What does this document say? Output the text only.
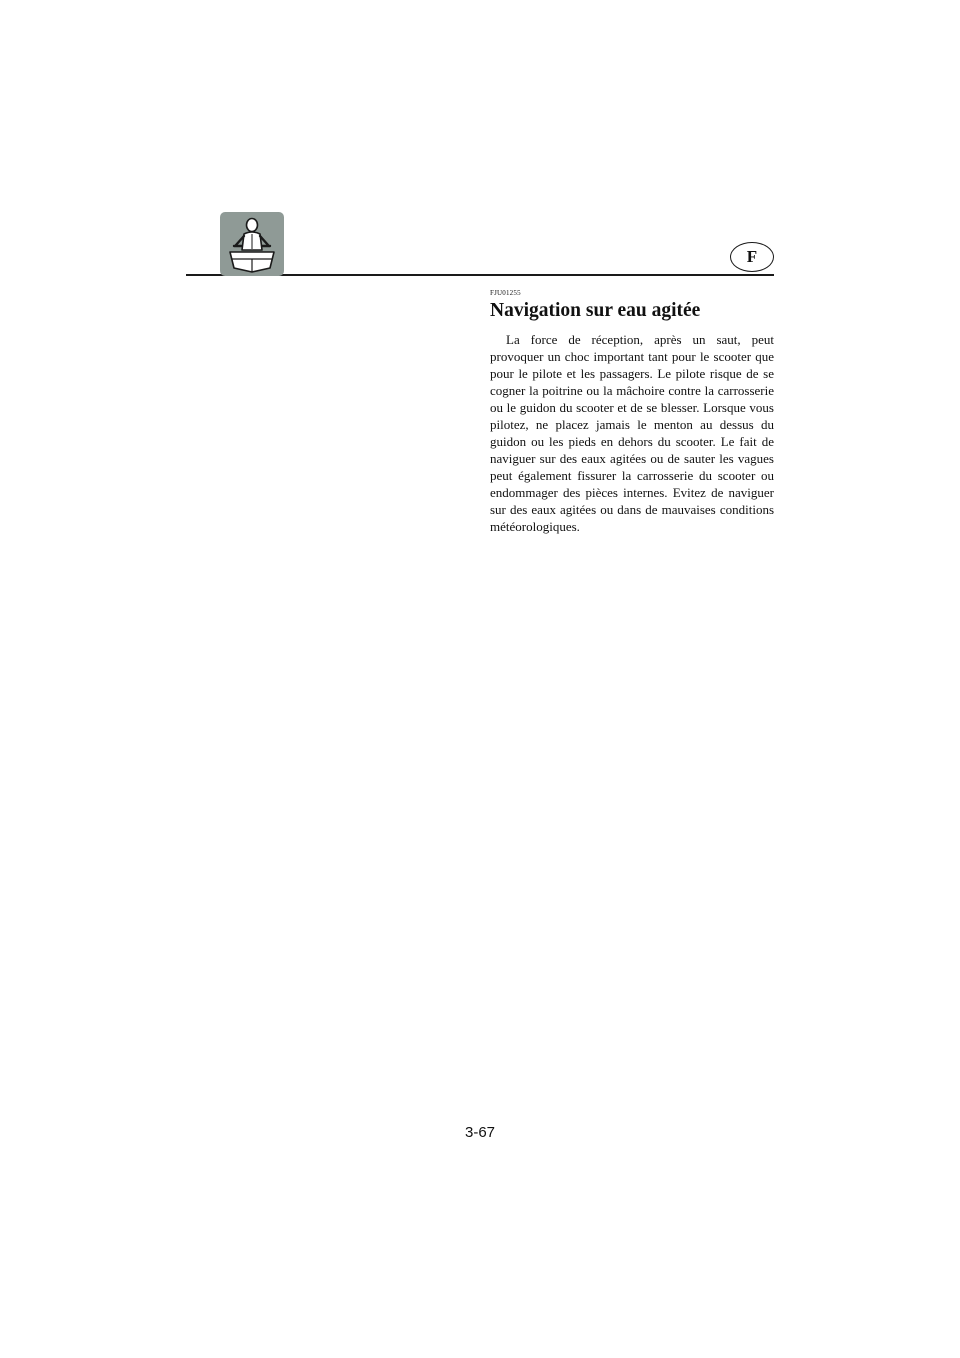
F
FJU01255
Navigation sur eau agitée

La force de réception, après un saut, peut provoquer un choc important tant pour le scooter que pour le pilote et les passagers. Le pilote risque de se cogner la poitrine ou la mâchoire contre la carrosserie ou le guidon du scooter et de se blesser. Lorsque vous pilotez, ne placez jamais le menton au dessus du guidon ou les pieds en dehors du scooter. Le fait de naviguer sur des eaux agitées ou de sauter les vagues peut également fissurer la carrosserie du scooter ou endommager des pièces internes. Evitez de naviguer sur des eaux agitées ou dans de mauvaises conditions météorologiques.

3-67
